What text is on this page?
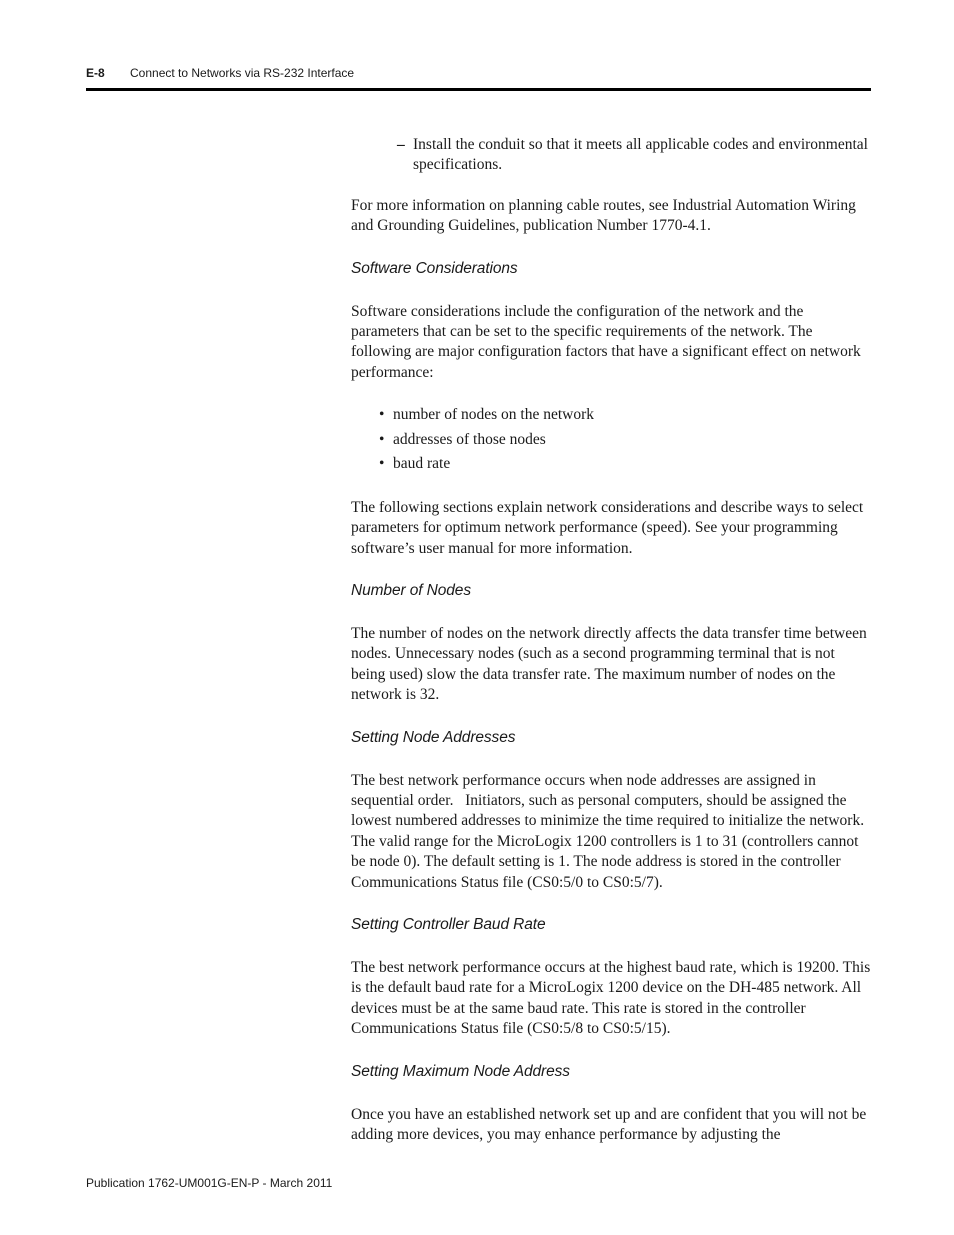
E-8 Connect to Networks via RS-232 Interface

– Install the conduit so that it meets all applicable codes and environmental specifications.

For more information on planning cable routes, see Industrial Automation Wiring and Grounding Guidelines, publication Number 1770-4.1.

Software Considerations

Software considerations include the configuration of the network and the parameters that can be set to the specific requirements of the network. The following are major configuration factors that have a significant effect on network performance:

• number of nodes on the network
• addresses of those nodes
• baud rate

The following sections explain network considerations and describe ways to select parameters for optimum network performance (speed). See your programming software’s user manual for more information.

Number of Nodes

The number of nodes on the network directly affects the data transfer time between nodes. Unnecessary nodes (such as a second programming terminal that is not being used) slow the data transfer rate. The maximum number of nodes on the network is 32.

Setting Node Addresses

The best network performance occurs when node addresses are assigned in sequential order.   Initiators, such as personal computers, should be assigned the lowest numbered addresses to minimize the time required to initialize the network. The valid range for the MicroLogix 1200 controllers is 1 to 31 (controllers cannot be node 0). The default setting is 1. The node address is stored in the controller Communications Status file (CS0:5/0 to CS0:5/7).

Setting Controller Baud Rate

The best network performance occurs at the highest baud rate, which is 19200. This is the default baud rate for a MicroLogix 1200 device on the DH-485 network. All devices must be at the same baud rate. This rate is stored in the controller Communications Status file (CS0:5/8 to CS0:5/15).

Setting Maximum Node Address

Once you have an established network set up and are confident that you will not be adding more devices, you may enhance performance by adjusting the

Publication 1762-UM001G-EN-P - March 2011
